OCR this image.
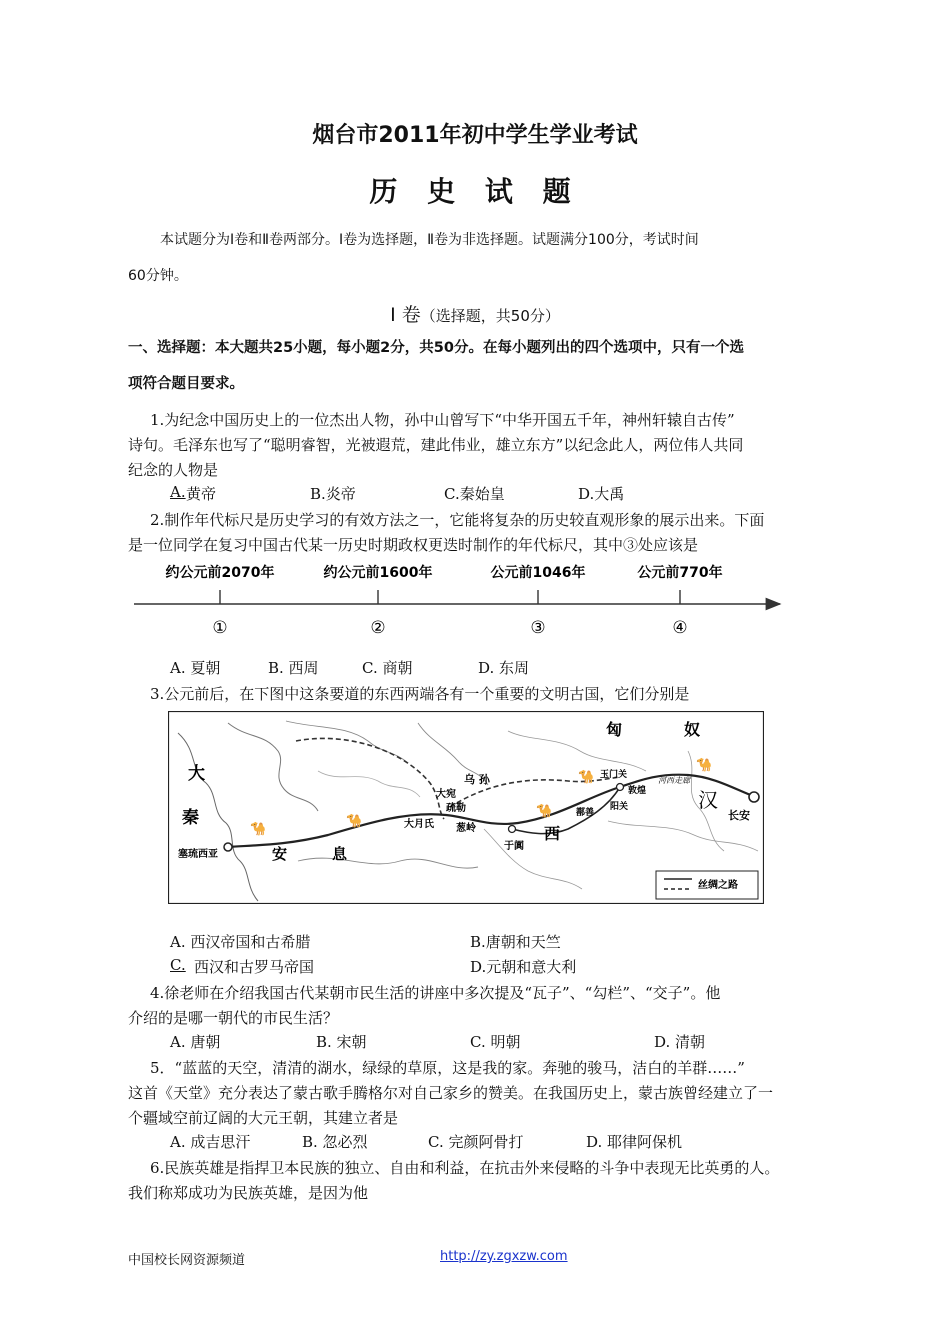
烟台市2011年初中学生学业考试
历 史 试 题
本试题分为Ⅰ卷和Ⅱ卷两部分。Ⅰ卷为选择题，Ⅱ卷为非选择题。试题满分100分，考试时间
60分钟。
Ⅰ 卷（选择题，共50分）
一、选择题：本大题共25小题，每小题2分，共50分。在每小题列出的四个选项中，只有一个选
项符合题目要求。
1.为纪念中国历史上的一位杰出人物，孙中山曾写下“中华开国五千年，神州轩辕自古传”
诗句。毛泽东也写了“聪明睿智，光被遐荒，建此伟业，雄立东方”以纪念此人，两位伟人共同
纪念的人物是
A. 黄帝	B.炎帝	C.秦始皇	D.大禹
2.制作年代标尺是历史学习的有效方法之一，它能将复杂的历史较直观形象的展示出来。下面
是一位同学在复习中国古代某一历史时期政权更迭时制作的年代标尺，其中③处应该是
约公元前2070年	约公元前1600年	公元前1046年	公元前770年
①	②	③	④
A. 夏朝	B. 西周	C. 商朝	D. 东周
3.公元前后，在下图中这条要道的东西两端各有一个重要的文明古国，它们分别是
🐪
🐪
🐪
🐪
🐪
匈	奴
大
秦
塞琉西亚	安	息
大宛
乌 孙
疏勒
葱岭
大月氏
于阗
西
玉门关
敦煌
阳关
鄯善
河西走廊
汉
长安
丝绸之路
A. 西汉帝国和古希腊	B.唐朝和天竺
C. 西汉和古罗马帝国	D.元朝和意大利
4.徐老师在介绍我国古代某朝市民生活的讲座中多次提及“瓦子”、“勾栏”、“交子”。他
介绍的是哪一朝代的市民生活？
A. 唐朝	B. 宋朝	C. 明朝	D. 清朝
5．“蓝蓝的天空，清清的湖水，绿绿的草原，这是我的家。奔驰的骏马，洁白的羊群……”
这首《天堂》充分表达了蒙古歌手腾格尔对自己家乡的赞美。在我国历史上，蒙古族曾经建立了一
个疆域空前辽阔的大元王朝，其建立者是
A. 成吉思汗	B. 忽必烈	C. 完颜阿骨打	D. 耶律阿保机
6.民族英雄是指捍卫本民族的独立、自由和利益，在抗击外来侵略的斗争中表现无比英勇的人。
我们称郑成功为民族英雄，是因为他
中国校长网资源频道	http://zy.zgxzw.com
